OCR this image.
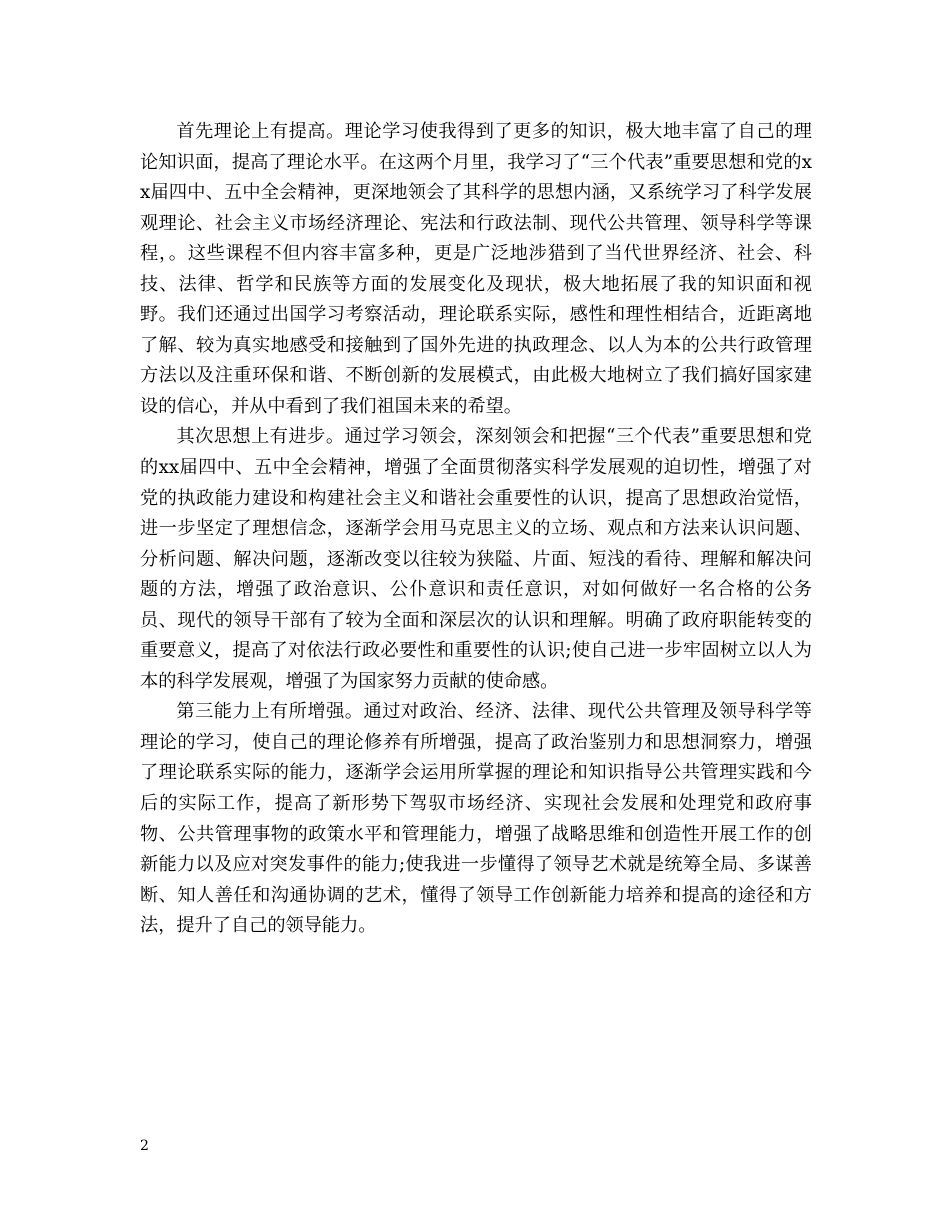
首先理论上有提高。理论学习使我得到了更多的知识，极大地丰富了自己的理论知识面，提高了理论水平。在这两个月里，我学习了“三个代表”重要思想和党的xx届四中、五中全会精神，更深地领会了其科学的思想内涵，又系统学习了科学发展观理论、社会主义市场经济理论、宪法和行政法制、现代公共管理、领导科学等课程，。这些课程不但内容丰富多种，更是广泛地涉猎到了当代世界经济、社会、科技、法律、哲学和民族等方面的发展变化及现状，极大地拓展了我的知识面和视野。我们还通过出国学习考察活动，理论联系实际，感性和理性相结合，近距离地了解、较为真实地感受和接触到了国外先进的执政理念、以人为本的公共行政管理方法以及注重环保和谐、不断创新的发展模式，由此极大地树立了我们搞好国家建设的信心，并从中看到了我们祖国未来的希望。

其次思想上有进步。通过学习领会，深刻领会和把握“三个代表”重要思想和党的xx届四中、五中全会精神，增强了全面贯彻落实科学发展观的迫切性，增强了对党的执政能力建设和构建社会主义和谐社会重要性的认识，提高了思想政治觉悟，进一步坚定了理想信念，逐渐学会用马克思主义的立场、观点和方法来认识问题、分析问题、解决问题，逐渐改变以往较为狭隘、片面、短浅的看待、理解和解决问题的方法，增强了政治意识、公仆意识和责任意识，对如何做好一名合格的公务员、现代的领导干部有了较为全面和深层次的认识和理解。明确了政府职能转变的重要意义，提高了对依法行政必要性和重要性的认识;使自己进一步牢固树立以人为本的科学发展观，增强了为国家努力贡献的使命感。

第三能力上有所增强。通过对政治、经济、法律、现代公共管理及领导科学等理论的学习，使自己的理论修养有所增强，提高了政治鉴别力和思想洞察力，增强了理论联系实际的能力，逐渐学会运用所掌握的理论和知识指导公共管理实践和今后的实际工作，提高了新形势下驾驭市场经济、实现社会发展和处理党和政府事物、公共管理事物的政策水平和管理能力，增强了战略思维和创造性开展工作的创新能力以及应对突发事件的能力;使我进一步懂得了领导艺术就是统筹全局、多谋善断、知人善任和沟通协调的艺术，懂得了领导工作创新能力培养和提高的途径和方法，提升了自己的领导能力。

2
